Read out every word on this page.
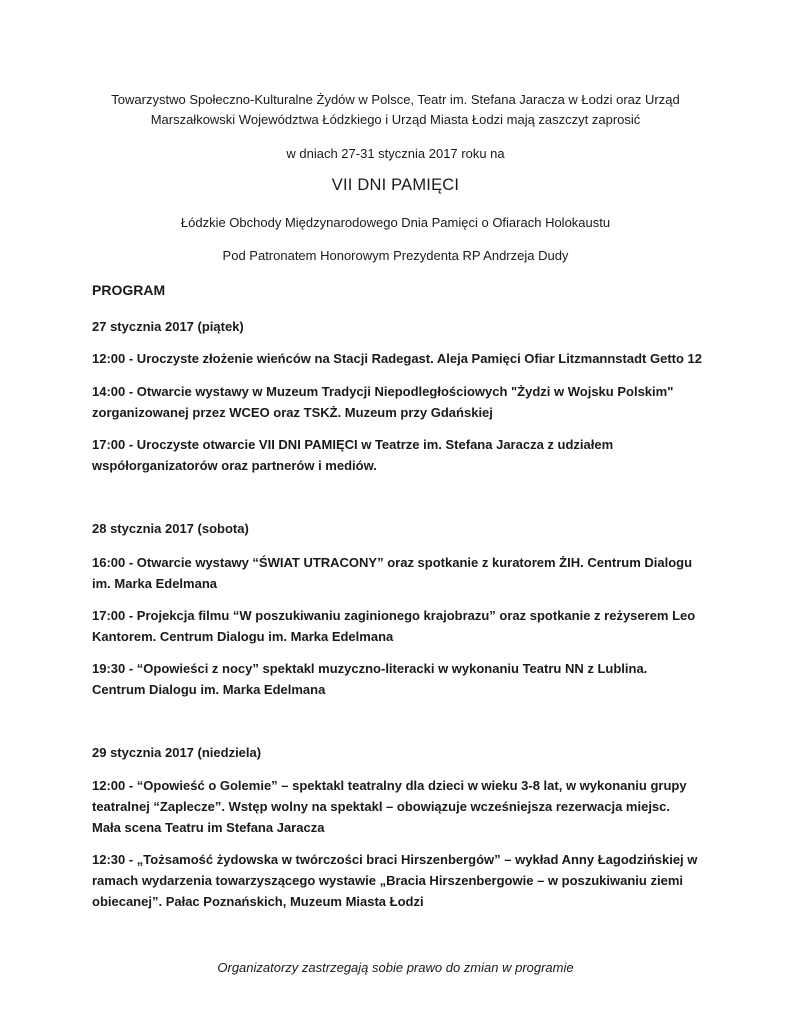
Towarzystwo Społeczno-Kulturalne Żydów w Polsce, Teatr im. Stefana Jaracza w Łodzi oraz Urząd

Marszałkowski Województwa Łódzkiego i Urząd Miasta Łodzi mają zaszczyt zaprosić

w dniach 27-31 stycznia 2017 roku na
VII DNI PAMIĘCI
Łódzkie Obchody Międzynarodowego Dnia Pamięci o Ofiarach Holokaustu
Pod Patronatem Honorowym Prezydenta RP Andrzeja Dudy
PROGRAM
27 stycznia 2017 (piątek)
12:00 - Uroczyste złożenie wieńców na Stacji Radegast. Aleja Pamięci Ofiar Litzmannstadt Getto 12
14:00 - Otwarcie wystawy w Muzeum Tradycji Niepodległościowych "Żydzi w Wojsku Polskim" zorganizowanej przez WCEO oraz TSKŻ. Muzeum przy Gdańskiej
17:00 - Uroczyste otwarcie VII DNI PAMIĘCI w Teatrze im. Stefana Jaracza z udziałem współorganizatorów oraz partnerów i mediów.
28 stycznia 2017 (sobota)
16:00 - Otwarcie wystawy “ŚWIAT UTRACONY” oraz spotkanie z kuratorem ŻIH. Centrum Dialogu im. Marka Edelmana
17:00 - Projekcja filmu “W poszukiwaniu zaginionego krajobrazu” oraz spotkanie z reżyserem Leo Kantorem. Centrum Dialogu im. Marka Edelmana
19:30 - “Opowieści z nocy” spektakl muzyczno-literacki w wykonaniu Teatru NN z Lublina. Centrum Dialogu im. Marka Edelmana
29 stycznia 2017 (niedziela)
12:00 - “Opowieść o Golemie” – spektakl teatralny dla dzieci w wieku 3-8 lat, w wykonaniu grupy teatralnej “Zaplecze”. Wstęp wolny na spektakl – obowiązuje wcześniejsza rezerwacja miejsc. Mała scena Teatru im Stefana Jaracza
12:30 - „Tożsamość żydowska w twórczości braci Hirszenbergów” – wykład Anny Łagodzińskiej w ramach wydarzenia towarzyszącego wystawie „Bracia Hirszenbergowie – w poszukiwaniu ziemi obiecanej”. Pałac Poznańskich, Muzeum Miasta Łodzi
Organizatorzy zastrzegają sobie prawo do zmian w programie
